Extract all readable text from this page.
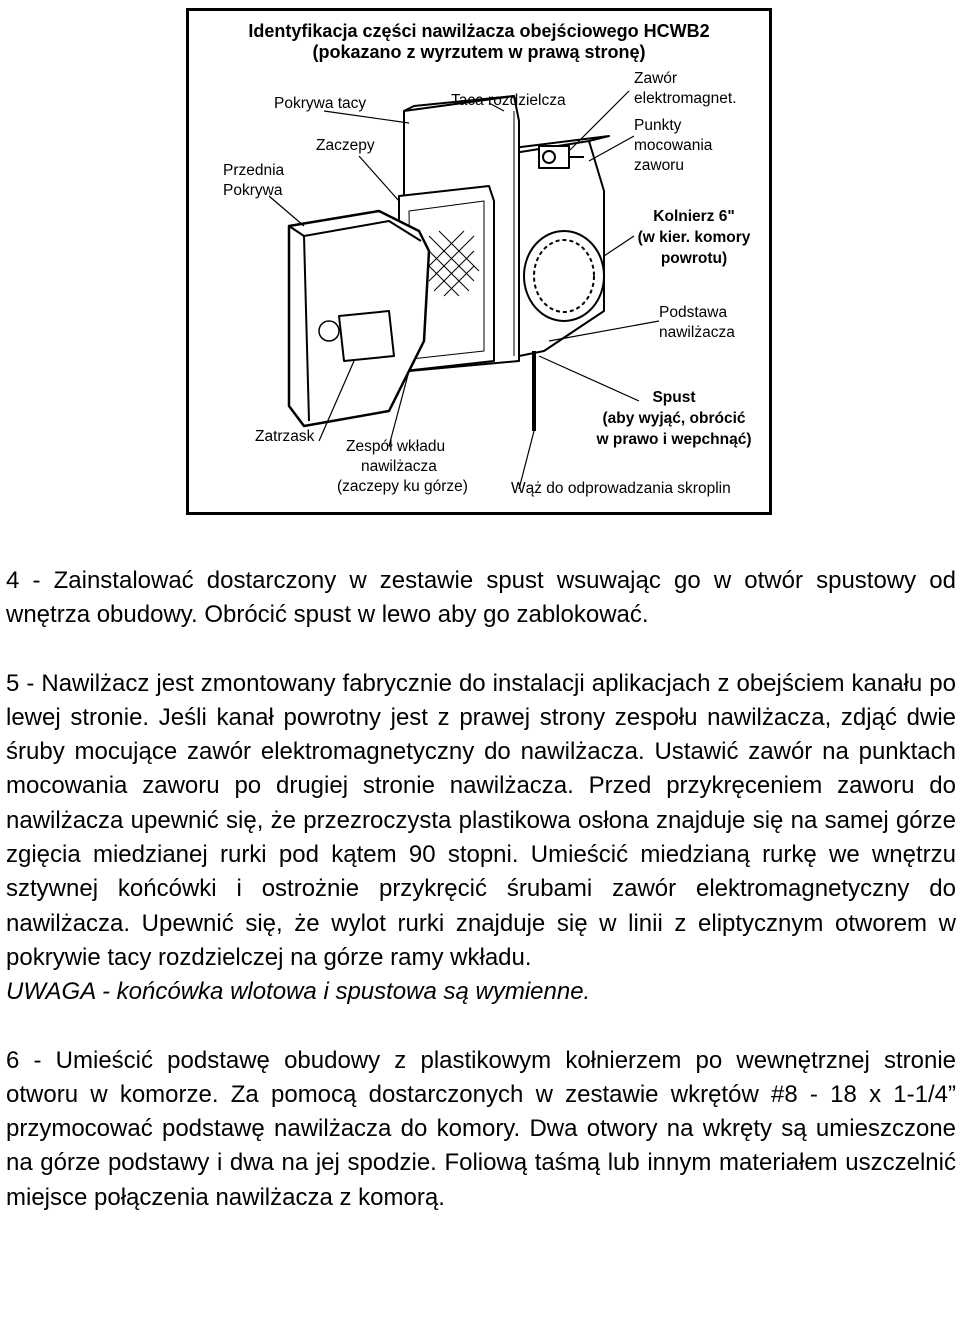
Identyfikacja części nawilżacza obejściowego HCWB2
(pokazano z wyrzutem w prawą stronę)
Pokrywa tacy	Taca rozdzielcza
Zawór
elektromagnet.
Punkty
mocowania
zaworu
Zaczepy
Przednia
Pokrywa
Kolnierz 6"
(w kier. komory
powrotu)
Podstawa
nawilżacza
Spust
(aby wyjąć, obrócić
w prawo i wepchnąć)
Zatrzask
Zespół wkładu
nawilżacza
(zaczepy ku górze)	Wąż do odprowadzania skroplin

4 - Zainstalować dostarczony w zestawie spust wsuwając go w otwór spustowy od wnętrza obudowy. Obrócić spust w lewo aby go zablokować.

5 - Nawilżacz jest zmontowany fabrycznie do instalacji aplikacjach z obejściem kanału po lewej stronie. Jeśli kanał powrotny jest z prawej strony zespołu nawilżacza, zdjąć dwie śruby mocujące zawór elektromagnetyczny do nawilżacza. Ustawić zawór na punktach mocowania zaworu po drugiej stronie nawilżacza. Przed przykręceniem zaworu do nawilżacza upewnić się, że przezroczysta plastikowa osłona znajduje się na samej górze zgięcia miedzianej rurki pod kątem 90 stopni. Umieścić miedzianą rurkę we wnętrzu sztywnej końcówki i ostrożnie przykręcić śrubami zawór elektromagnetyczny do nawilżacza. Upewnić się, że wylot rurki znajduje się w linii z eliptycznym otworem w pokrywie tacy rozdzielczej na górze ramy wkładu.
UWAGA - końcówka wlotowa i spustowa są wymienne.

6 - Umieścić podstawę obudowy z plastikowym kołnierzem po wewnętrznej stronie otworu w komorze. Za pomocą dostarczonych w zestawie wkrętów #8 - 18 x 1-1/4” przymocować podstawę nawilżacza do komory. Dwa otwory na wkręty są umieszczone na górze podstawy i dwa na jej spodzie. Foliową taśmą lub innym materiałem uszczelnić miejsce połączenia nawilżacza z komorą.
